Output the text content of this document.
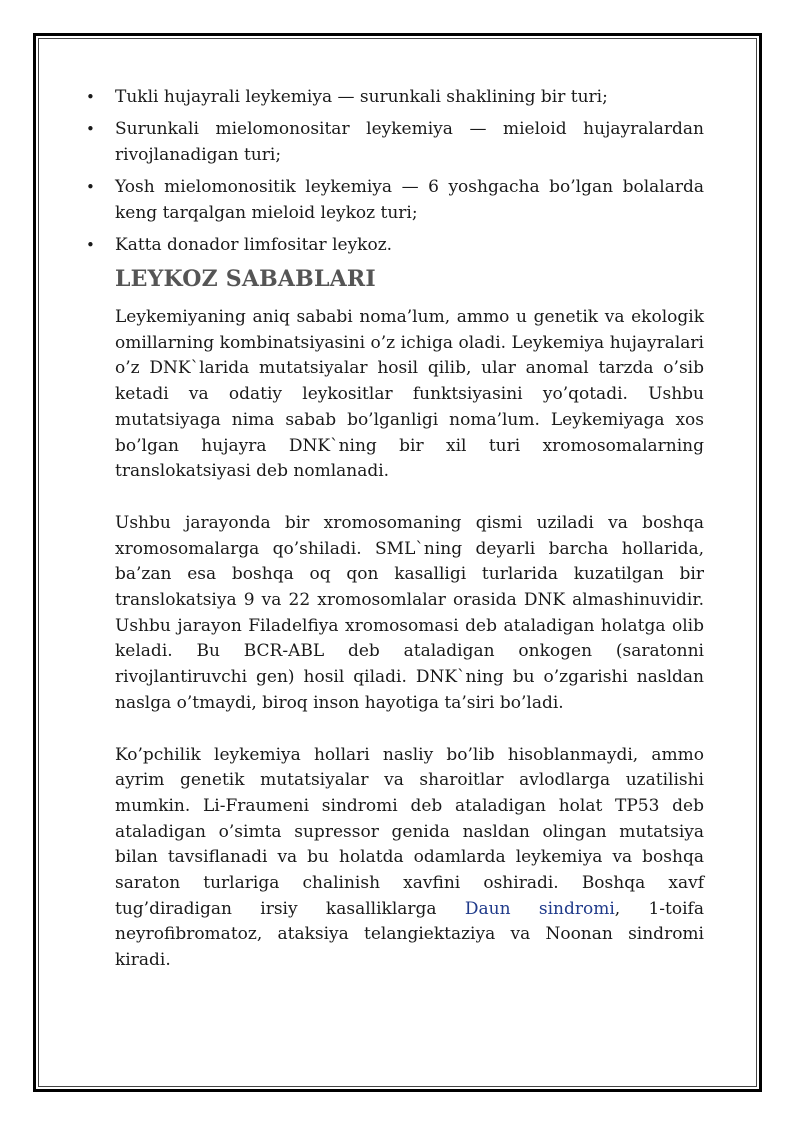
• Tukli hujayrali leykemiya — surunkali shaklining bir turi;
• Surunkali mielomonositar leykemiya — mieloid hujayralardan rivojlanadigan turi;
• Yosh mielomonositik leykemiya — 6 yoshgacha bo’lgan bolalarda keng tarqalgan mieloid leykoz turi;
• Katta donador limfositar leykoz.
LEYKOZ SABABLARI

Leykemiyaning aniq sababi noma’lum, ammo u genetik va ekologik omillarning kombinatsiyasini o’z ichiga oladi. Leykemiya hujayralari o’z DNK`larida mutatsiyalar hosil qilib, ular anomal tarzda o’sib ketadi va odatiy leykositlar funktsiyasini yo’qotadi. Ushbu mutatsiyaga nima sabab bo’lganligi noma’lum. Leykemiyaga xos bo’lgan hujayra DNK`ning bir xil turi xromosomalarning translokatsiyasi deb nomlanadi.

Ushbu jarayonda bir xromosomaning qismi uziladi va boshqa xromosomalarga qo’shiladi. SML`ning deyarli barcha hollarida, ba’zan esa boshqa oq qon kasalligi turlarida kuzatilgan bir translokatsiya 9 va 22 xromosomlalar orasida DNK almashinuvidir. Ushbu jarayon Filadelfiya xromosomasi deb ataladigan holatga olib keladi. Bu BCR-ABL deb ataladigan onkogen (saratonni rivojlantiruvchi gen) hosil qiladi. DNK`ning bu o’zgarishi nasldan naslga o’tmaydi, biroq inson hayotiga ta’siri bo’ladi.

Ko’pchilik leykemiya hollari nasliy bo’lib hisoblanmaydi, ammo ayrim genetik mutatsiyalar va sharoitlar avlodlarga uzatilishi mumkin. Li-Fraumeni sindromi deb ataladigan holat TP53 deb ataladigan o’simta supressor genida nasldan olingan mutatsiya bilan tavsiflanadi va bu holatda odamlarda leykemiya va boshqa saraton turlariga chalinish xavfini oshiradi. Boshqa xavf tug’diradigan irsiy kasalliklarga Daun sindromi, 1-toifa neyrofibromatoz, ataksiya telangiektaziya va Noonan sindromi kiradi.
